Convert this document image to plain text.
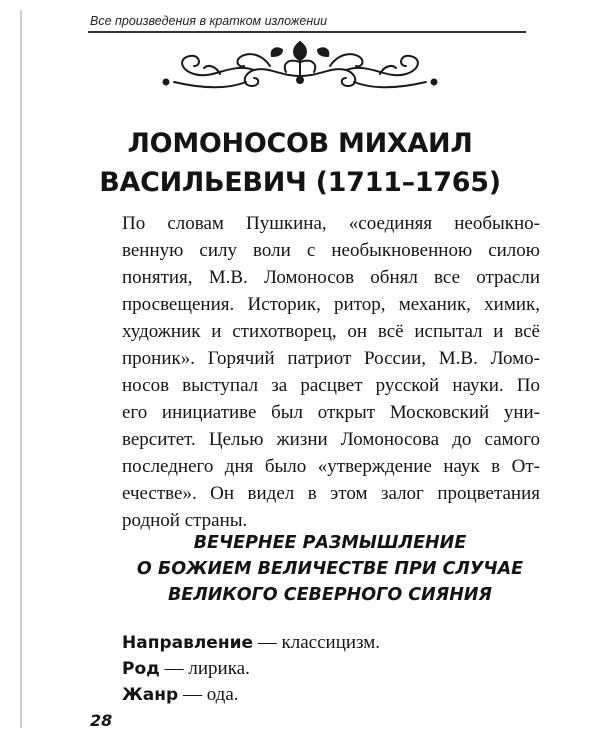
Все произведения в кратком изложении
ЛОМОНОСОВ МИХАИЛ
ВАСИЛЬЕВИЧ (1711–1765)
По словам Пушкина, «соединяя необыкно-
венную силу воли с необыкновенною силою
понятия, М.В. Ломоносов обнял все отрасли
просвещения. Историк, ритор, механик, химик,
художник и стихотворец, он всё испытал и всё
проник». Горячий патриот России, М.В. Ломо-
носов выступал за расцвет русской науки. По
его инициативе был открыт Московский уни-
верситет. Целью жизни Ломоносова до самого
последнего дня было «утверждение наук в От-
ечестве». Он видел в этом залог процветания
родной страны.
ВЕЧЕРНЕЕ РАЗМЫШЛЕНИЕ
О БОЖИЕМ ВЕЛИЧЕСТВЕ ПРИ СЛУЧАЕ
ВЕЛИКОГО СЕВЕРНОГО СИЯНИЯ
Направление — классицизм.
Род — лирика.
Жанр — ода.
28
